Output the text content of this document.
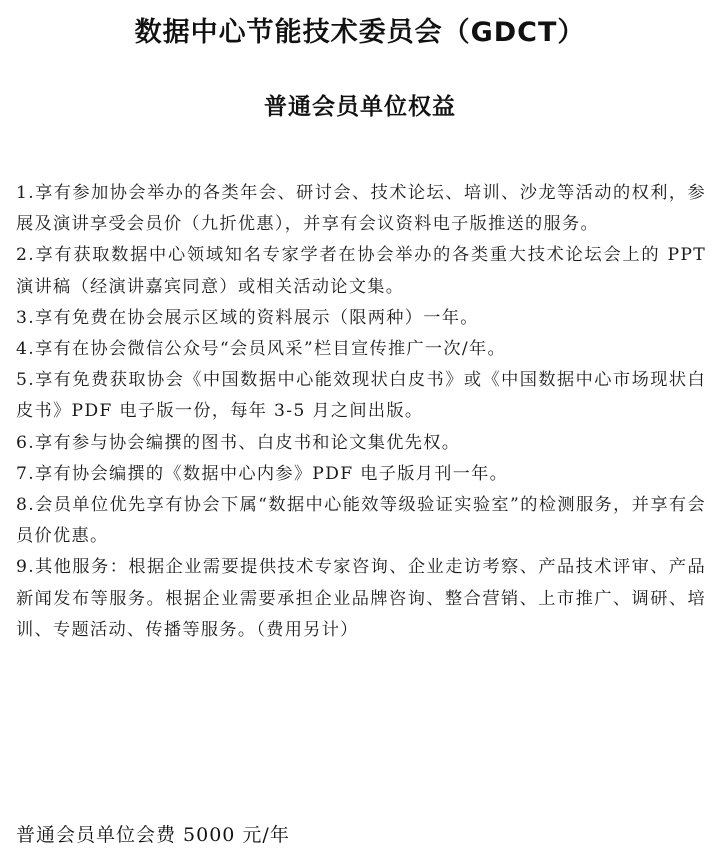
数据中心节能技术委员会（GDCT）
普通会员单位权益
1.享有参加协会举办的各类年会、研讨会、技术论坛、培训、沙龙等活动的权利，参展及演讲享受会员价（九折优惠），并享有会议资料电子版推送的服务。
2.享有获取数据中心领域知名专家学者在协会举办的各类重大技术论坛会上的 PPT 演讲稿（经演讲嘉宾同意）或相关活动论文集。
3.享有免费在协会展示区域的资料展示（限两种）一年。
4.享有在协会微信公众号“会员风采”栏目宣传推广一次/年。
5.享有免费获取协会《中国数据中心能效现状白皮书》或《中国数据中心市场现状白皮书》PDF 电子版一份，每年 3-5 月之间出版。
6.享有参与协会编撰的图书、白皮书和论文集优先权。
7.享有协会编撰的《数据中心内参》PDF 电子版月刊一年。
8.会员单位优先享有协会下属“数据中心能效等级验证实验室”的检测服务，并享有会员价优惠。
9.其他服务：根据企业需要提供技术专家咨询、企业走访考察、产品技术评审、产品新闻发布等服务。根据企业需要承担企业品牌咨询、整合营销、上市推广、调研、培训、专题活动、传播等服务。（费用另计）
普通会员单位会费 5000 元/年
